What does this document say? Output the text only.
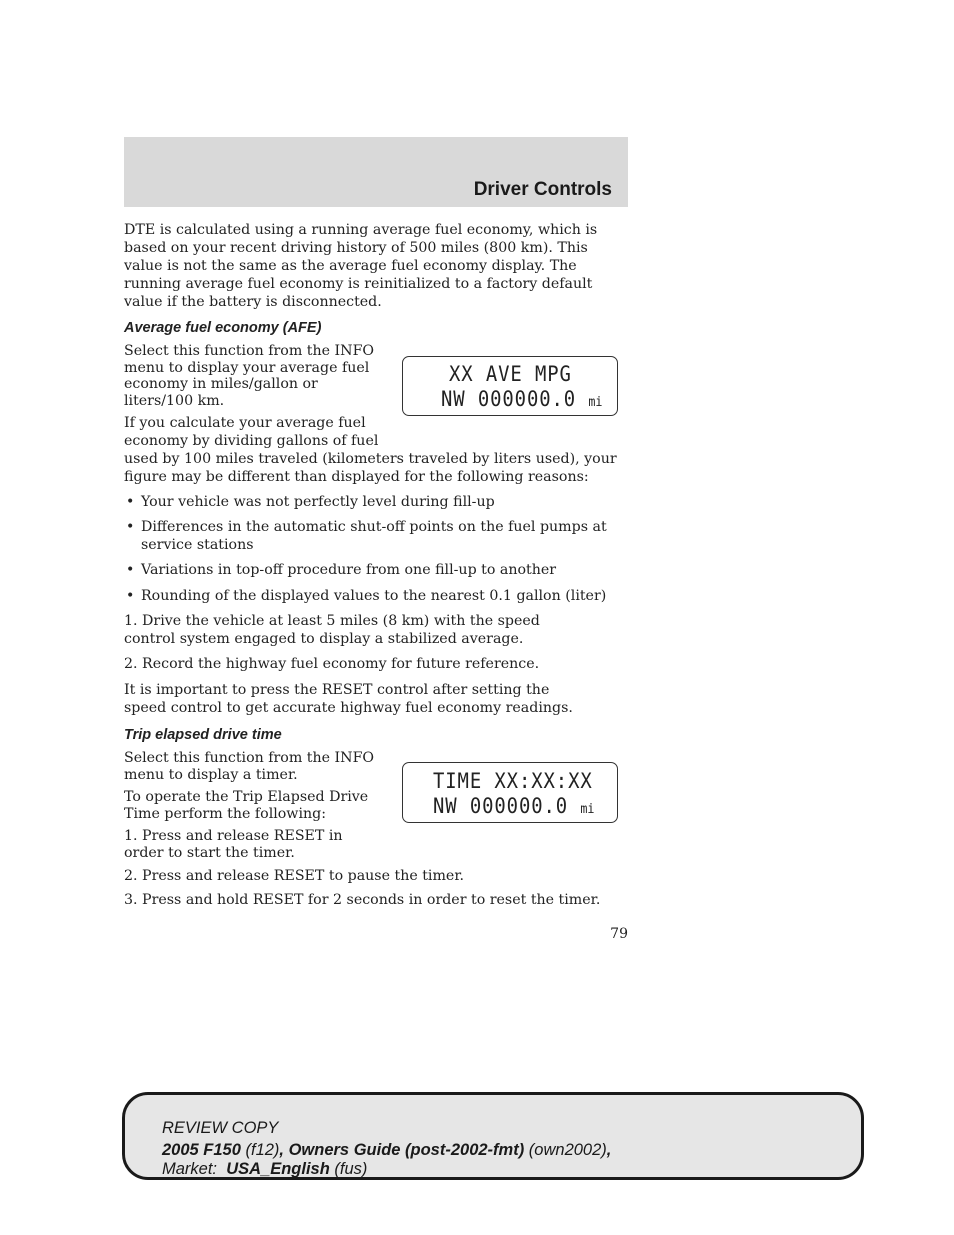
Driver Controls

DTE is calculated using a running average fuel economy, which is based on your recent driving history of 500 miles (800 km). This value is not the same as the average fuel economy display. The running average fuel economy is reinitialized to a factory default value if the battery is disconnected.

Average fuel economy (AFE)

Select this function from the INFO menu to display your average fuel economy in miles/gallon or liters/100 km.

If you calculate your average fuel economy by dividing gallons of fuel

used by 100 miles traveled (kilometers traveled by liters used), your figure may be different than displayed for the following reasons:

XX AVE MPG
NW 000000.0 mi

• Your vehicle was not perfectly level during fill-up

• Differences in the automatic shut-off points on the fuel pumps at service stations

• Variations in top-off procedure from one fill-up to another

• Rounding of the displayed values to the nearest 0.1 gallon (liter)

1. Drive the vehicle at least 5 miles (8 km) with the speed control system engaged to display a stabilized average.

2. Record the highway fuel economy for future reference.

It is important to press the RESET control after setting the speed control to get accurate highway fuel economy readings.

Trip elapsed drive time

Select this function from the INFO menu to display a timer.

To operate the Trip Elapsed Drive Time perform the following:

1. Press and release RESET in order to start the timer.

TIME XX:XX:XX
NW 000000.0 mi

2. Press and release RESET to pause the timer.

3. Press and hold RESET for 2 seconds in order to reset the timer.

79
REVIEW COPY
2005 F150 (f12), Owners Guide (post-2002-fmt) (own2002),
Market:  USA_English (fus)
